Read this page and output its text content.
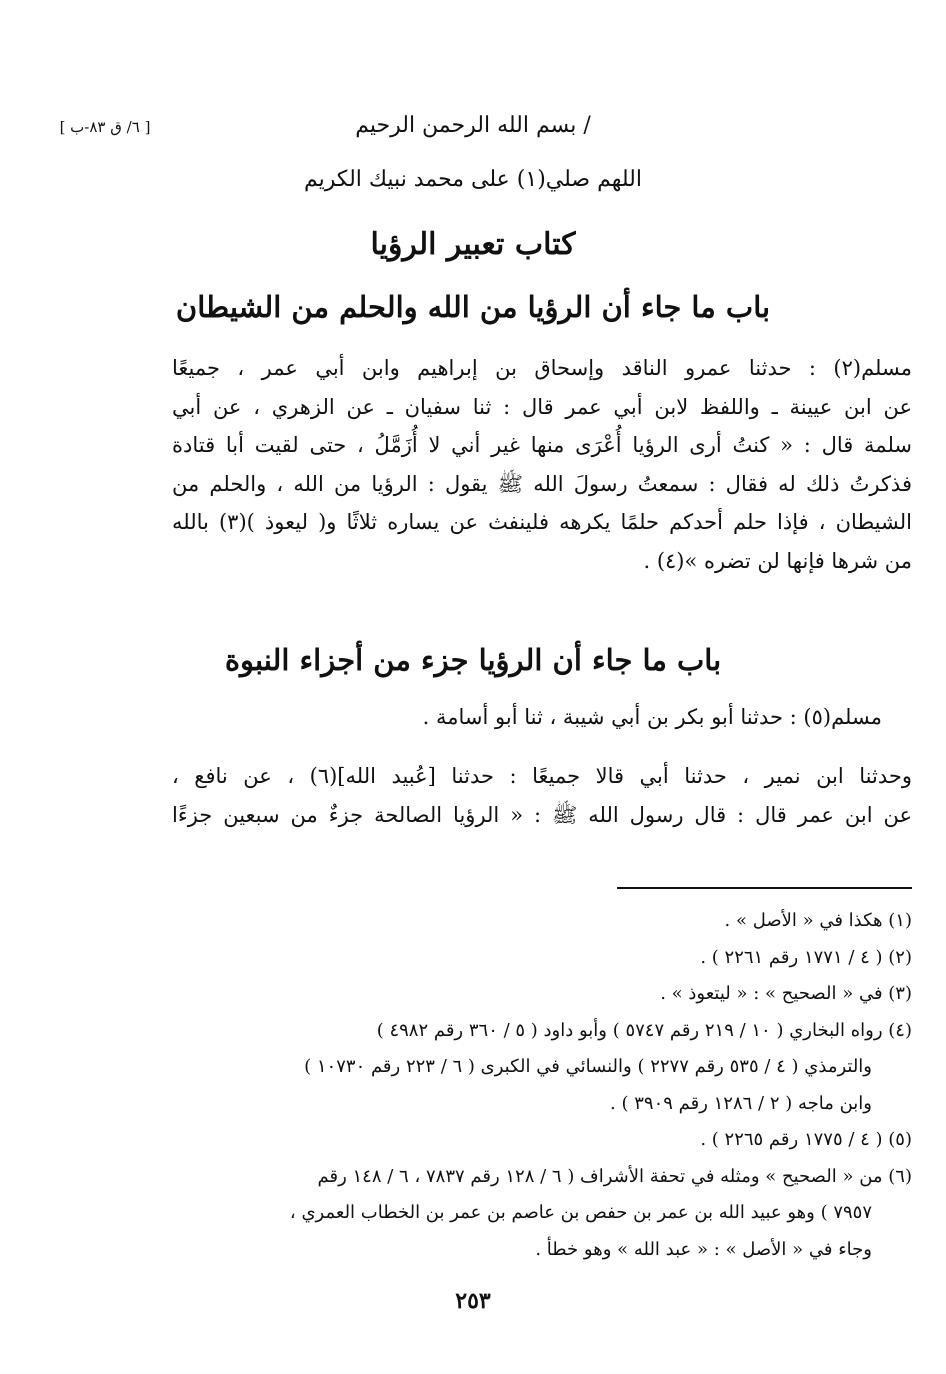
[ ٦/ ق ٨٣-ب ]	/ بسم الله الرحمن الرحيم
اللهم صلي(١) على محمد نبيك الكريم
كتاب تعبير الرؤيا
باب ما جاء أن الرؤيا من الله والحلم من الشيطان
مسلم(٢) : حدثنا عمرو الناقد وإسحاق بن إبراهيم وابن أبي عمر ، جميعًا
عن ابن عيينة ـ واللفظ لابن أبي عمر قال : ثنا سفيان ـ عن الزهري ، عن أبي
سلمة قال : « كنتُ أرى الرؤيا أُعْرَى منها غير أني لا أُزَمَّلُ ، حتى لقيت أبا قتادة
فذكرتُ ذلك له فقال : سمعتُ رسولَ الله ﷺ يقول : الرؤيا من الله ، والحلم من
الشيطان ، فإذا حلم أحدكم حلمًا يكرهه فلينفث عن يساره ثلاثًا و( ليعوذ )(٣) بالله
من شرها فإنها لن تضره »(٤) .
باب ما جاء أن الرؤيا جزء من أجزاء النبوة
مسلم(٥) : حدثنا أبو بكر بن أبي شيبة ، ثنا أبو أسامة .
وحدثنا ابن نمير ، حدثنا أبي قالا جميعًا : حدثنا [عُبيد الله](٦) ، عن نافع ،
عن ابن عمر قال : قال رسول الله ﷺ : « الرؤيا الصالحة جزءٌ من سبعين جزءًا
(١) هكذا في « الأصل » .
(٢) ( ٤ / ١٧٧١ رقم ٢٢٦١ ) .
(٣) في « الصحيح » : « ليتعوذ » .
(٤) رواه البخاري ( ١٠ / ٢١٩ رقم ٥٧٤٧ ) وأبو داود ( ٥ / ٣٦٠ رقم ٤٩٨٢ )
والترمذي ( ٤ / ٥٣٥ رقم ٢٢٧٧ ) والنسائي في الكبرى ( ٦ / ٢٢٣ رقم ١٠٧٣٠ )
وابن ماجه ( ٢ / ١٢٨٦ رقم ٣٩٠٩ ) .
(٥) ( ٤ / ١٧٧٥ رقم ٢٢٦٥ ) .
(٦) من « الصحيح » ومثله في تحفة الأشراف ( ٦ / ١٢٨ رقم ٧٨٣٧ ، ٦ / ١٤٨ رقم
٧٩٥٧ ) وهو عبيد الله بن عمر بن حفص بن عاصم بن عمر بن الخطاب العمري ،
وجاء في « الأصل » : « عبد الله » وهو خطأ .
٢٥٣
